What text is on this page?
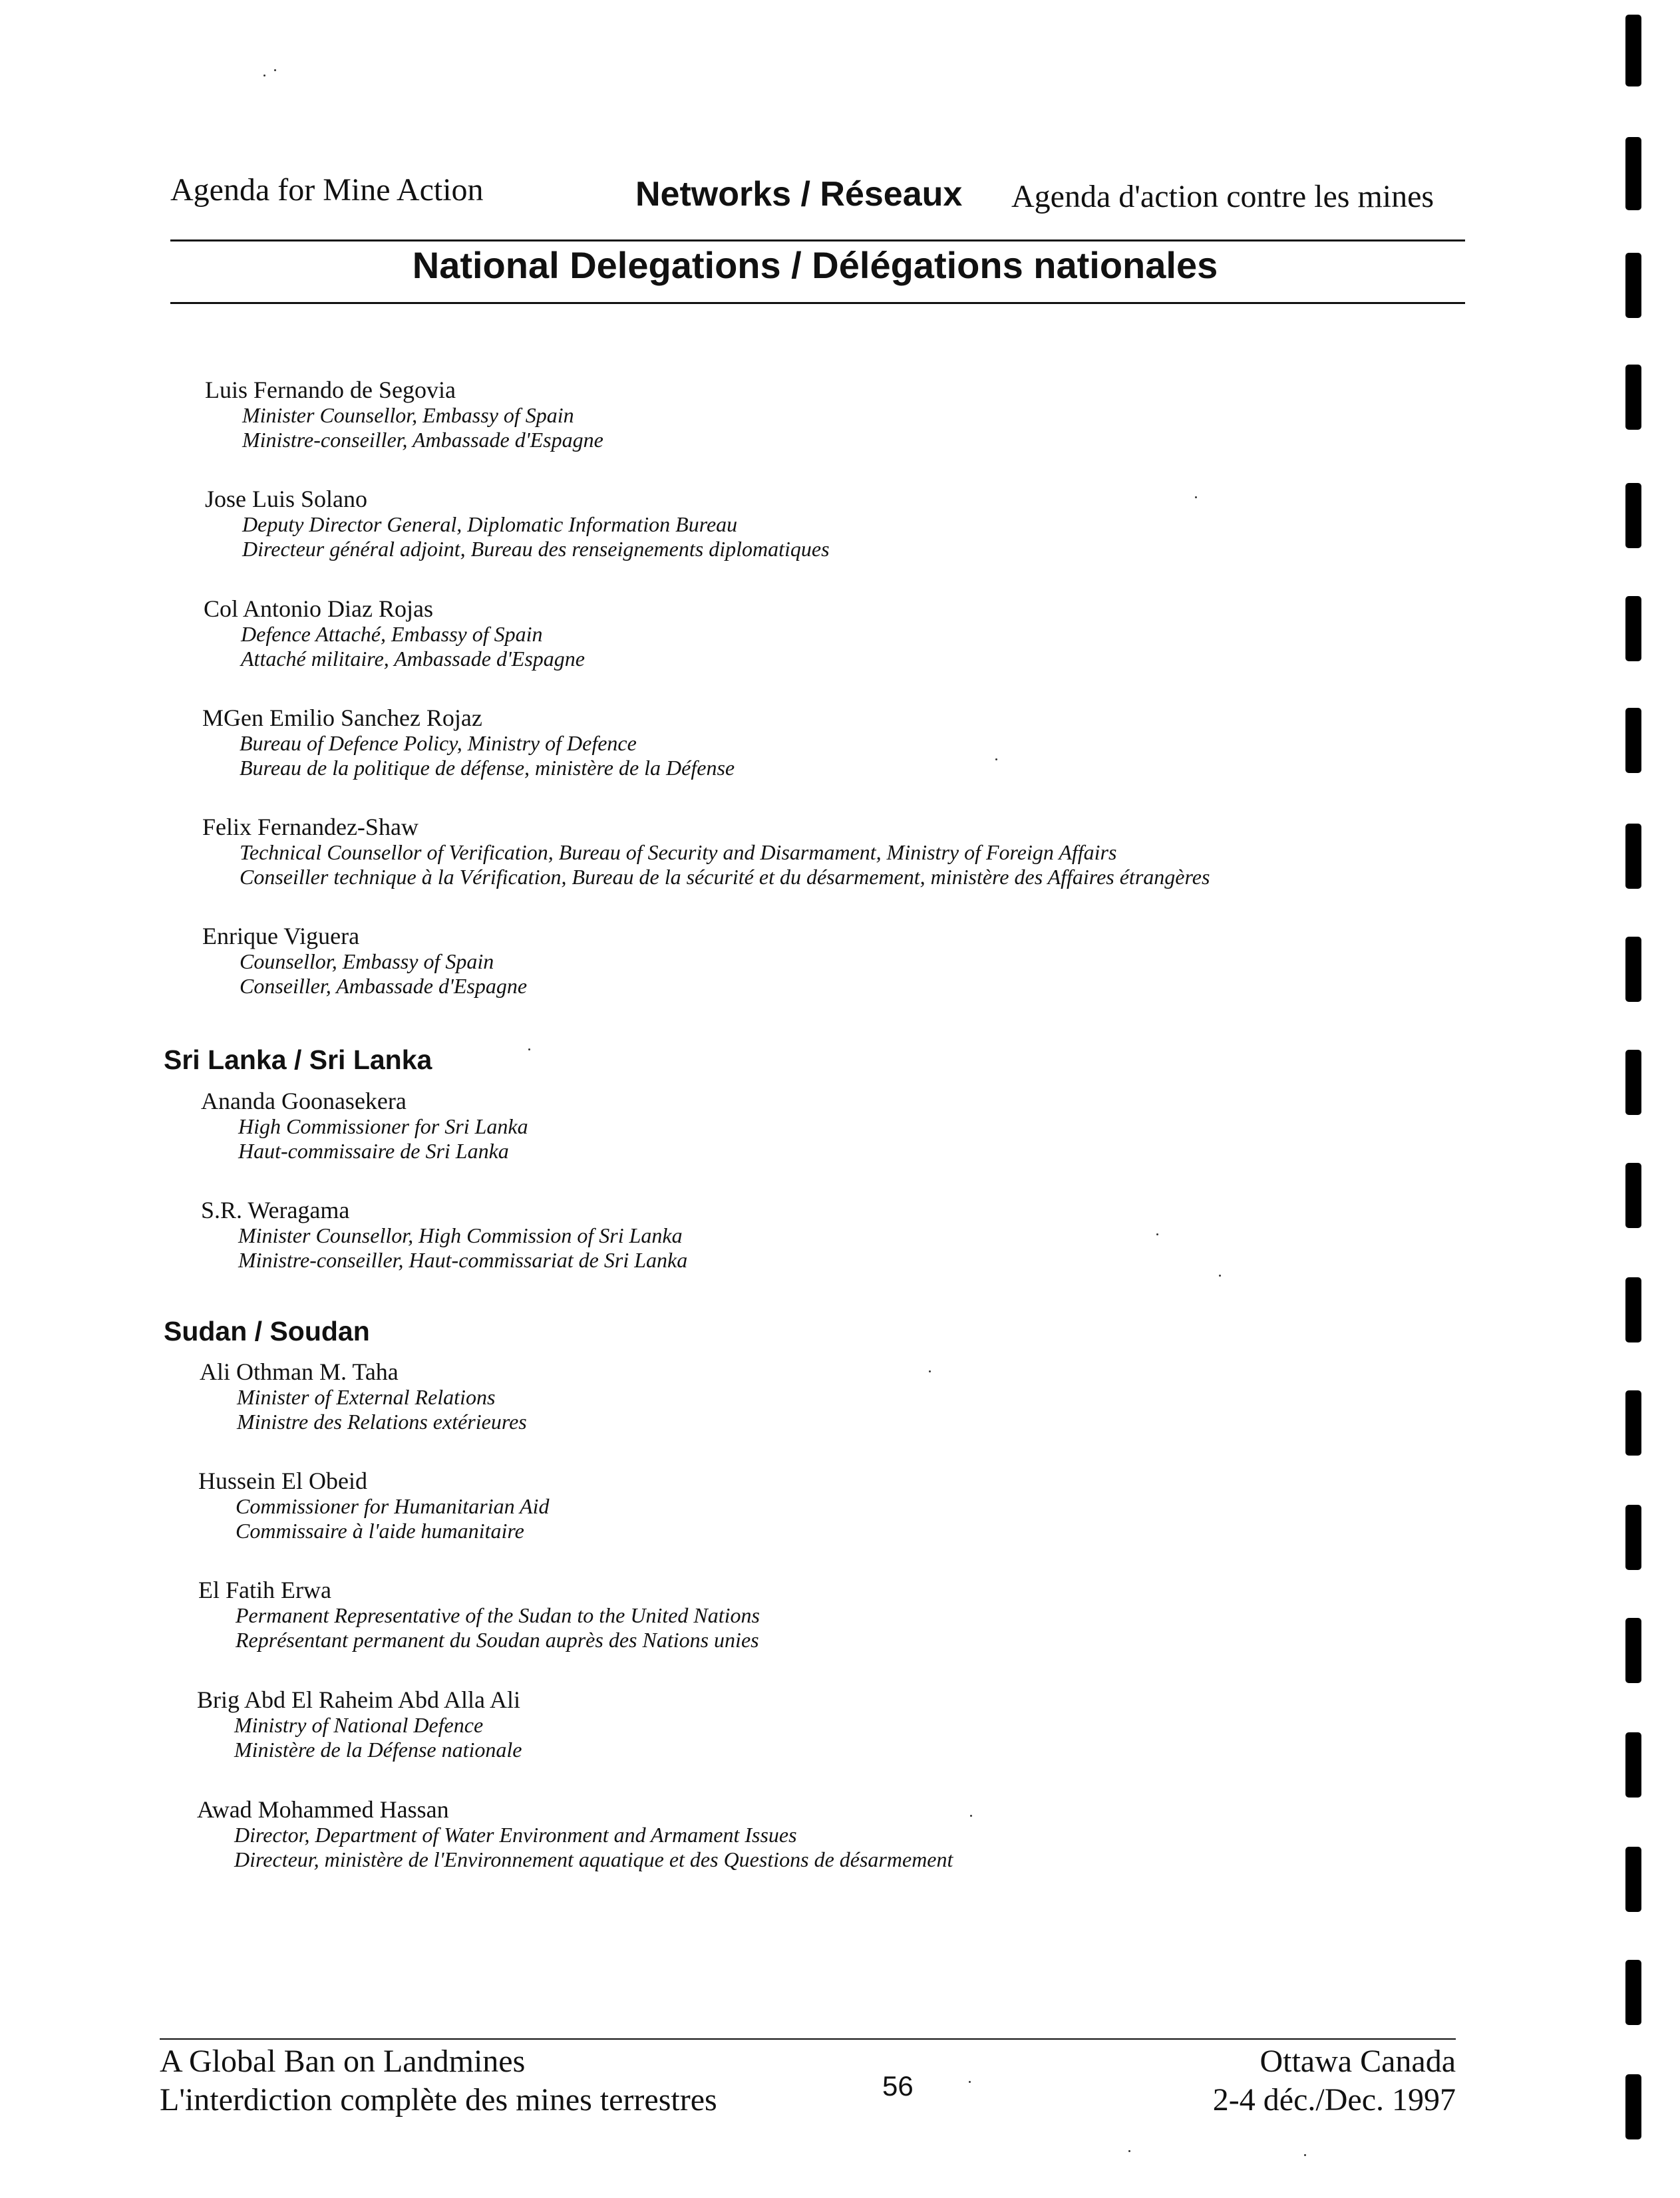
Agenda for Mine Action	Networks / Réseaux Agenda d'action contre les mines
National Delegations / Délégations nationales
Luis Fernando de Segovia
Minister Counsellor, Embassy of Spain
Ministre-conseiller, Ambassade d'Espagne
Jose Luis Solano
Deputy Director General, Diplomatic Information Bureau
Directeur général adjoint, Bureau des renseignements diplomatiques
Col Antonio Diaz Rojas
Defence Attaché, Embassy of Spain
Attaché militaire, Ambassade d'Espagne
MGen Emilio Sanchez Rojaz
Bureau of Defence Policy, Ministry of Defence
Bureau de la politique de défense, ministère de la Défense
Felix Fernandez-Shaw
Technical Counsellor of Verification, Bureau of Security and Disarmament, Ministry of Foreign Affairs
Conseiller technique à la Vérification, Bureau de la sécurité et du désarmement, ministère des Affaires étrangères
Enrique Viguera
Counsellor, Embassy of Spain
Conseiller, Ambassade d'Espagne
Sri Lanka / Sri Lanka
Ananda Goonasekera
High Commissioner for Sri Lanka
Haut-commissaire de Sri Lanka
S.R. Weragama
Minister Counsellor, High Commission of Sri Lanka
Ministre-conseiller, Haut-commissariat de Sri Lanka
Sudan / Soudan
Ali Othman M. Taha
Minister of External Relations
Ministre des Relations extérieures
Hussein El Obeid
Commissioner for Humanitarian Aid
Commissaire à l'aide humanitaire
El Fatih Erwa
Permanent Representative of the Sudan to the United Nations
Représentant permanent du Soudan auprès des Nations unies
Brig Abd El Raheim Abd Alla Ali
Ministry of National Defence
Ministère de la Défense nationale
Awad Mohammed Hassan
Director, Department of Water Environment and Armament Issues
Directeur, ministère de l'Environnement aquatique et des Questions de désarmement
A Global Ban on Landmines
L'interdiction complète des mines terrestres	56
Ottawa Canada
2-4 déc./Dec. 1997
